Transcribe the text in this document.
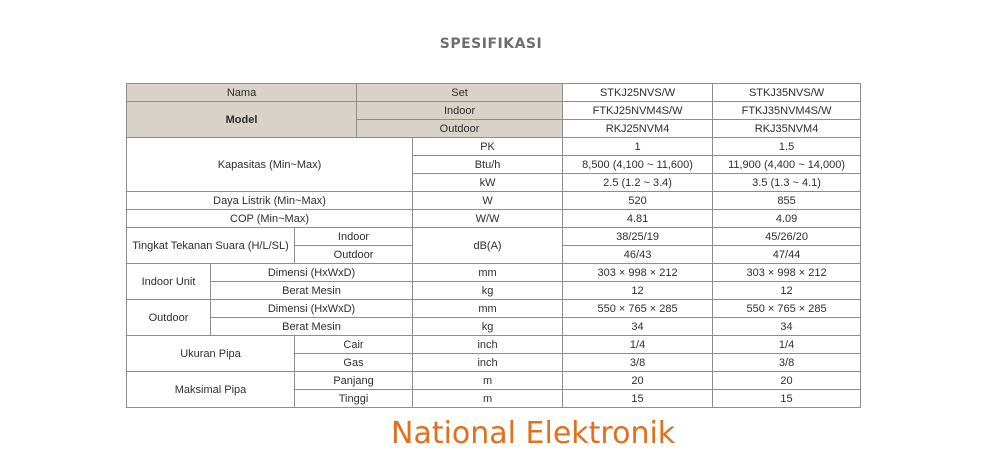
SPESIFIKASI
Nama			Set		STKJ25NVS/W	STKJ35NVS/W	
Model			Indoor		FTKJ25NVM4S/W	FTKJ35NVM4S/W	
			Outdoor		RKJ25NVM4	RKJ35NVM4	
Kapasitas (Min~Max)				PK	1	1.5	
				Btu/h	8,500 (4,100 ~ 11,600)	11,900 (4,400 ~ 14,000)	
				kW	2.5 (1.2 ~ 3.4)	3.5 (1.3 ~ 4.1)	
Daya Listrik (Min~Max)				W	520	855	
COP (Min~Max)				W/W	4.81	4.09	
Tingkat Tekanan Suara (H/L/SL)		Indoor		dB(A)	38/25/19	45/26/20	
		Outdoor			46/43	47/44	
Indoor Unit	Dimensi (HxWxD)			mm	303 × 998 × 212	303 × 998 × 212	
	Berat Mesin			kg	12	12	
Outdoor	Dimensi (HxWxD)			mm	550 × 765 × 285	550 × 765 × 285	
	Berat Mesin			kg	34	34	
Ukuran Pipa		Cair		inch	1/4	1/4	
		Gas		inch	3/8	3/8	
Maksimal Pipa		Panjang		m	20	20	
		Tinggi		m	15	15	
National Elektronik
